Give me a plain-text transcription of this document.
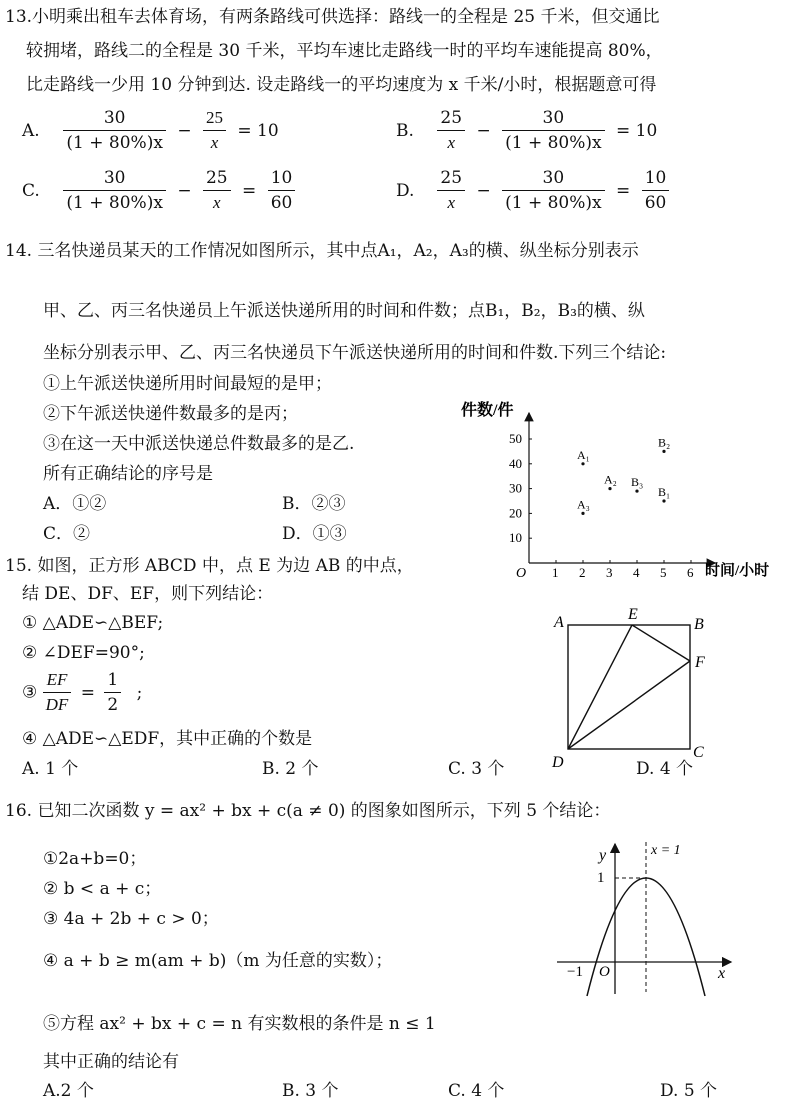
13.小明乘出租车去体育场，有两条路线可供选择：路线一的全程是 25 千米，但交通比
较拥堵，路线二的全程是 30 千米，平均车速比走路线一时的平均车速能提高 80%，
比走路线一少用 10 分钟到达. 设走路线一的平均速度为 x 千米/小时，根据题意可得
A. $\frac{30}{(1 + 80\%)x} - \frac{25}{x} = 10$	B. $\frac{25}{x} - \frac{30}{(1 + 80\%)x} = 10$
C. $\frac{30}{(1 + 80\%)x} - \frac{25}{x} = \frac{10}{60}$	D. $\frac{25}{x} - \frac{30}{(1 + 80\%)x} = \frac{10}{60}$
14. 三名快递员某天的工作情况如图所示，其中点A₁，A₂，A₃的横、纵坐标分别表示
甲、乙、丙三名快递员上午派送快递所用的时间和件数；点B₁，B₂，B₃的横、纵
坐标分别表示甲、乙、丙三名快递员下午派送快递所用的时间和件数.下列三个结论:
①上午派送快递所用时间最短的是甲；
②下午派送快递件数最多的是丙；
③在这一天中派送快递总件数最多的是乙.
所有正确结论的序号是
A．①②	B．②③
C．②	D．①③
件数/件
时间/小时
O 1 2 3 4 5 6
10
20
30
40
50
A₁
A₂
A₃
B₁
B₂
B₃
15. 如图，正方形 ABCD 中，点 E 为边 AB 的中点，
结 DE、DF、EF，则下列结论：
① △ADE∽△BEF;
② ∠DEF=90°;
③ $\frac{EF}{DF} = \frac{1}{2}$ ;
④ △ADE∽△EDF，其中正确的个数是
A. 1 个	B. 2 个	C. 3 个	D. 4 个
A	E
B
F
D
C
16. 已知二次函数 y = ax² + bx + c(a ≠ 0) 的图象如图所示，下列 5 个结论：
①2a+b=0；
② b < a + c；
③ 4a + 2b + c > 0；
④ a + b ≥ m(am + b)（m 为任意的实数）；
⑤方程 ax² + bx + c = n 有实数根的条件是 n ≤ 1
其中正确的结论有
A.2 个	B. 3 个	C. 4 个	D. 5 个
y
x
x = 1
1
−1 O
